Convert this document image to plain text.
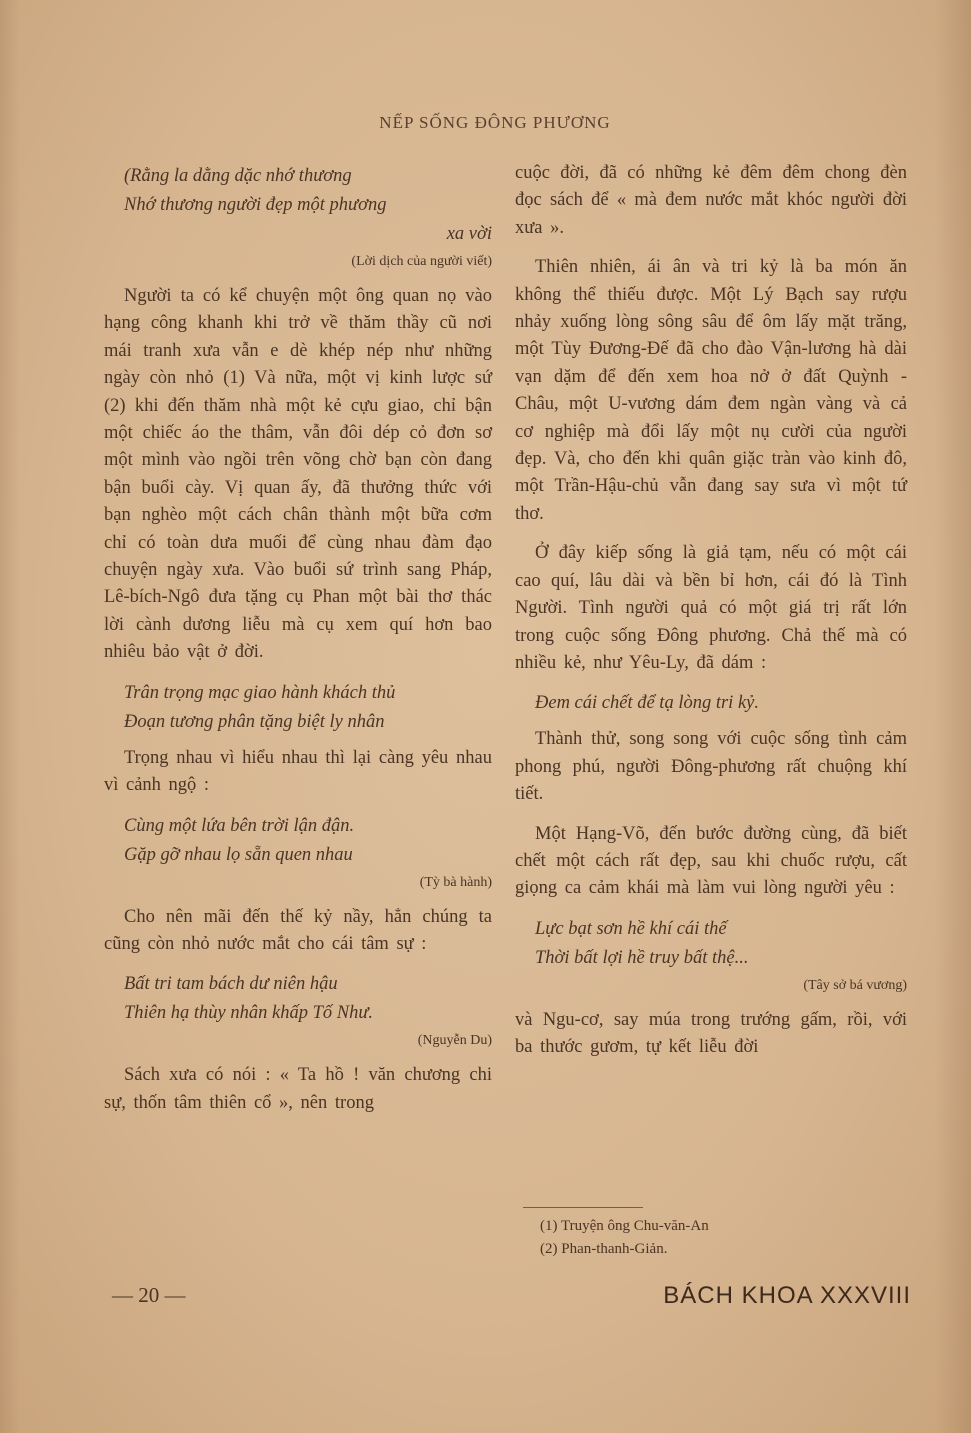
NẾP SỐNG ĐÔNG PHƯƠNG
(Rằng la dằng dặc nhớ thương
Nhớ thương người đẹp một phương
xa vời
(Lời dịch của người viết)

Người ta có kể chuyện một ông quan nọ vào hạng công khanh khi trở về thăm thầy cũ nơi mái tranh xưa vẫn e dè khép nép như những ngày còn nhỏ (1) Và nữa, một vị kinh lược sứ (2) khi đến thăm nhà một kẻ cựu giao, chỉ bận một chiếc áo the thâm, vẫn đôi dép cỏ đơn sơ một mình vào ngồi trên võng chờ bạn còn đang bận buổi cày. Vị quan ấy, đã thưởng thức với bạn nghèo một cách chân thành một bữa cơm chỉ có toàn dưa muối để cùng nhau đàm đạo chuyện ngày xưa. Vào buổi sứ trình sang Pháp, Lê-bích-Ngô đưa tặng cụ Phan một bài thơ thác lời cành dương liễu mà cụ xem quí hơn bao nhiêu bảo vật ở đời.

Trân trọng mạc giao hành khách thủ
Đoạn tương phân tặng biệt ly nhân

Trọng nhau vì hiểu nhau thì lại càng yêu nhau vì cảnh ngộ :

Cùng một lứa bên trời lận đận.
Gặp gỡ nhau lọ sẵn quen nhau
(Tỳ bà hành)

Cho nên mãi đến thế kỷ nầy, hẳn chúng ta cũng còn nhỏ nước mắt cho cái tâm sự :

Bất tri tam bách dư niên hậu
Thiên hạ thùy nhân khấp Tố Như.
(Nguyễn Du)

Sách xưa có nói : « Ta hồ ! văn chương chi sự, thốn tâm thiên cổ », nên trong

cuộc đời, đã có những kẻ đêm đêm chong đèn đọc sách để « mà đem nước mắt khóc người đời xưa ».

Thiên nhiên, ái ân và tri kỷ là ba món ăn không thể thiếu được. Một Lý Bạch say rượu nhảy xuống lòng sông sâu để ôm lấy mặt trăng, một Tùy Đương-Đế đã cho đào Vận-lương hà dài vạn dặm để đến xem hoa nở ở đất Quỳnh - Châu, một U-vương dám đem ngàn vàng và cả cơ nghiệp mà đổi lấy một nụ cười của người đẹp. Và, cho đến khi quân giặc tràn vào kinh đô, một Trần-Hậu-chủ vẫn đang say sưa vì một tứ thơ.

Ở đây kiếp sống là giả tạm, nếu có một cái cao quí, lâu dài và bền bỉ hơn, cái đó là Tình Người. Tình người quả có một giá trị rất lớn trong cuộc sống Đông phương. Chả thế mà có nhiều kẻ, như Yêu-Ly, đã dám :

Đem cái chết để tạ lòng tri kỷ.

Thành thử, song song với cuộc sống tình cảm phong phú, người Đông-phương rất chuộng khí tiết.

Một Hạng-Võ, đến bước đường cùng, đã biết chết một cách rất đẹp, sau khi chuốc rượu, cất giọng ca cảm khái mà làm vui lòng người yêu :

Lực bạt sơn hề khí cái thế
Thời bất lợi hề truy bất thệ...
(Tây sở bá vương)

và Ngu-cơ, say múa trong trướng gấm, rồi, với ba thước gươm, tự kết liễu đời

(1) Truyện ông Chu-văn-An
(2) Phan-thanh-Giản.
— 20 —	BÁCH KHOA XXXVIII
